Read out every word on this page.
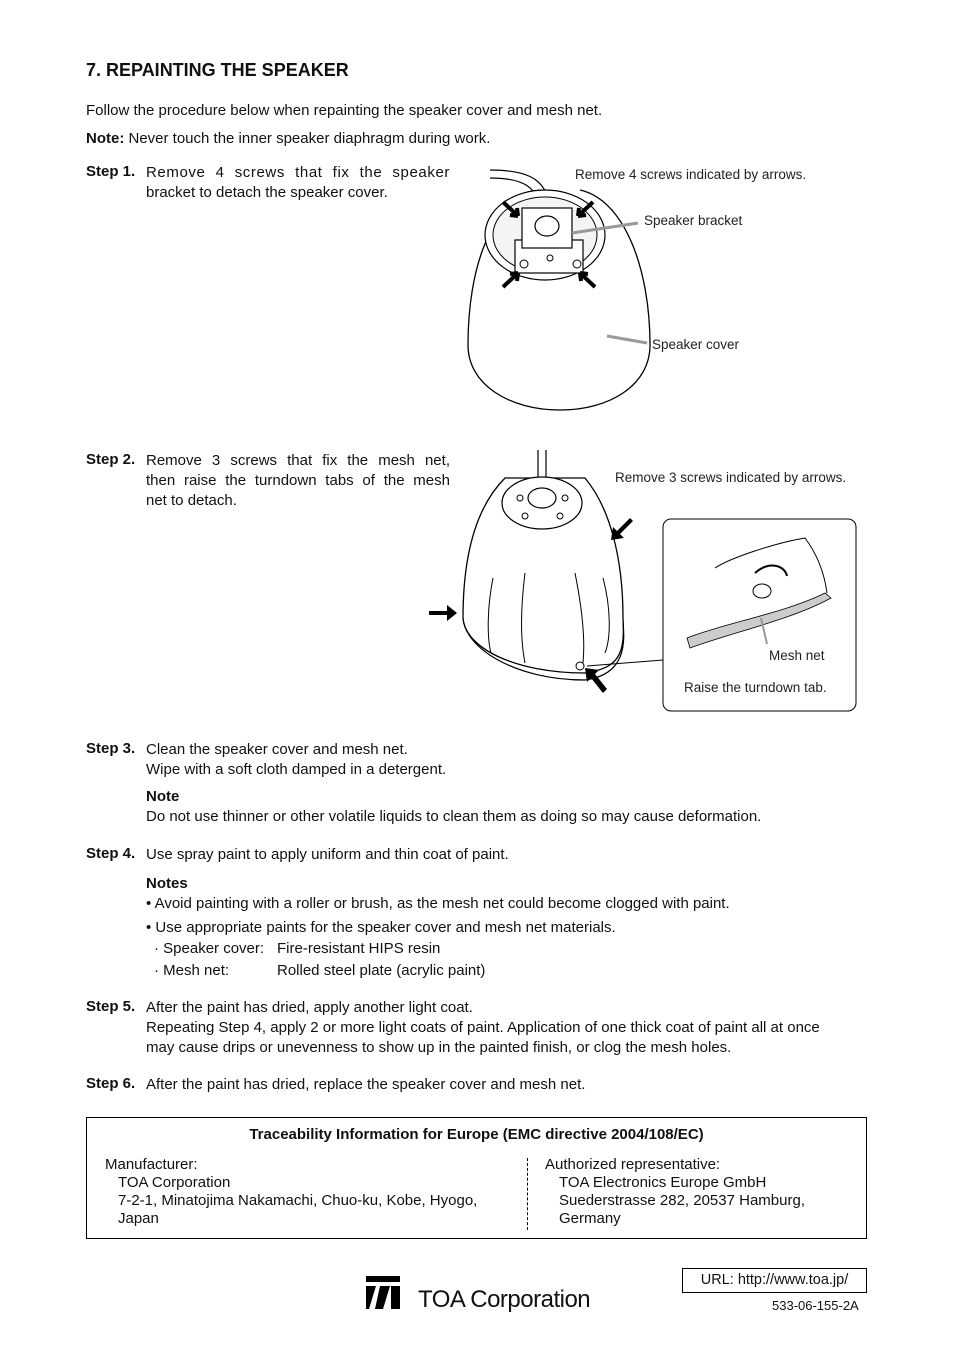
7. REPAINTING THE SPEAKER
Follow the procedure below when repainting the speaker cover and mesh net.
Note: Never touch the inner speaker diaphragm during work.
Step 1. Remove 4 screws that fix the speaker
bracket to detach the speaker cover.
Remove 4 screws indicated by arrows.
Speaker bracket
Speaker cover
Step 2. Remove 3 screws that fix the mesh net,
then raise the turndown tabs of the mesh
net to detach.
Remove 3 screws indicated by arrows.
Mesh net
Raise the turndown tab.
Step 3. Clean the speaker cover and mesh net.
Wipe with a soft cloth damped in a detergent.
Note
Do not use thinner or other volatile liquids to clean them as doing so may cause deformation.
Step 4. Use spray paint to apply uniform and thin coat of paint.
Notes
• Avoid painting with a roller or brush, as the mesh net could become clogged with paint.
• Use appropriate paints for the speaker cover and mesh net materials.
· Speaker cover: Fire-resistant HIPS resin
· Mesh net:	Rolled steel plate (acrylic paint)
Step 5. After the paint has dried, apply another light coat.
Repeating Step 4, apply 2 or more light coats of paint. Application of one thick coat of paint all at once
may cause drips or unevenness to show up in the painted finish, or clog the mesh holes.
Step 6. After the paint has dried, replace the speaker cover and mesh net.
Traceability Information for Europe (EMC directive 2004/108/EC)
Manufacturer:
TOA Corporation
7-2-1, Minatojima Nakamachi, Chuo-ku, Kobe, Hyogo,
Japan
Authorized representative:
TOA Electronics Europe GmbH
Suederstrasse 282, 20537 Hamburg,
Germany
TOA Corporation
URL: http://www.toa.jp/
533-06-155-2A
